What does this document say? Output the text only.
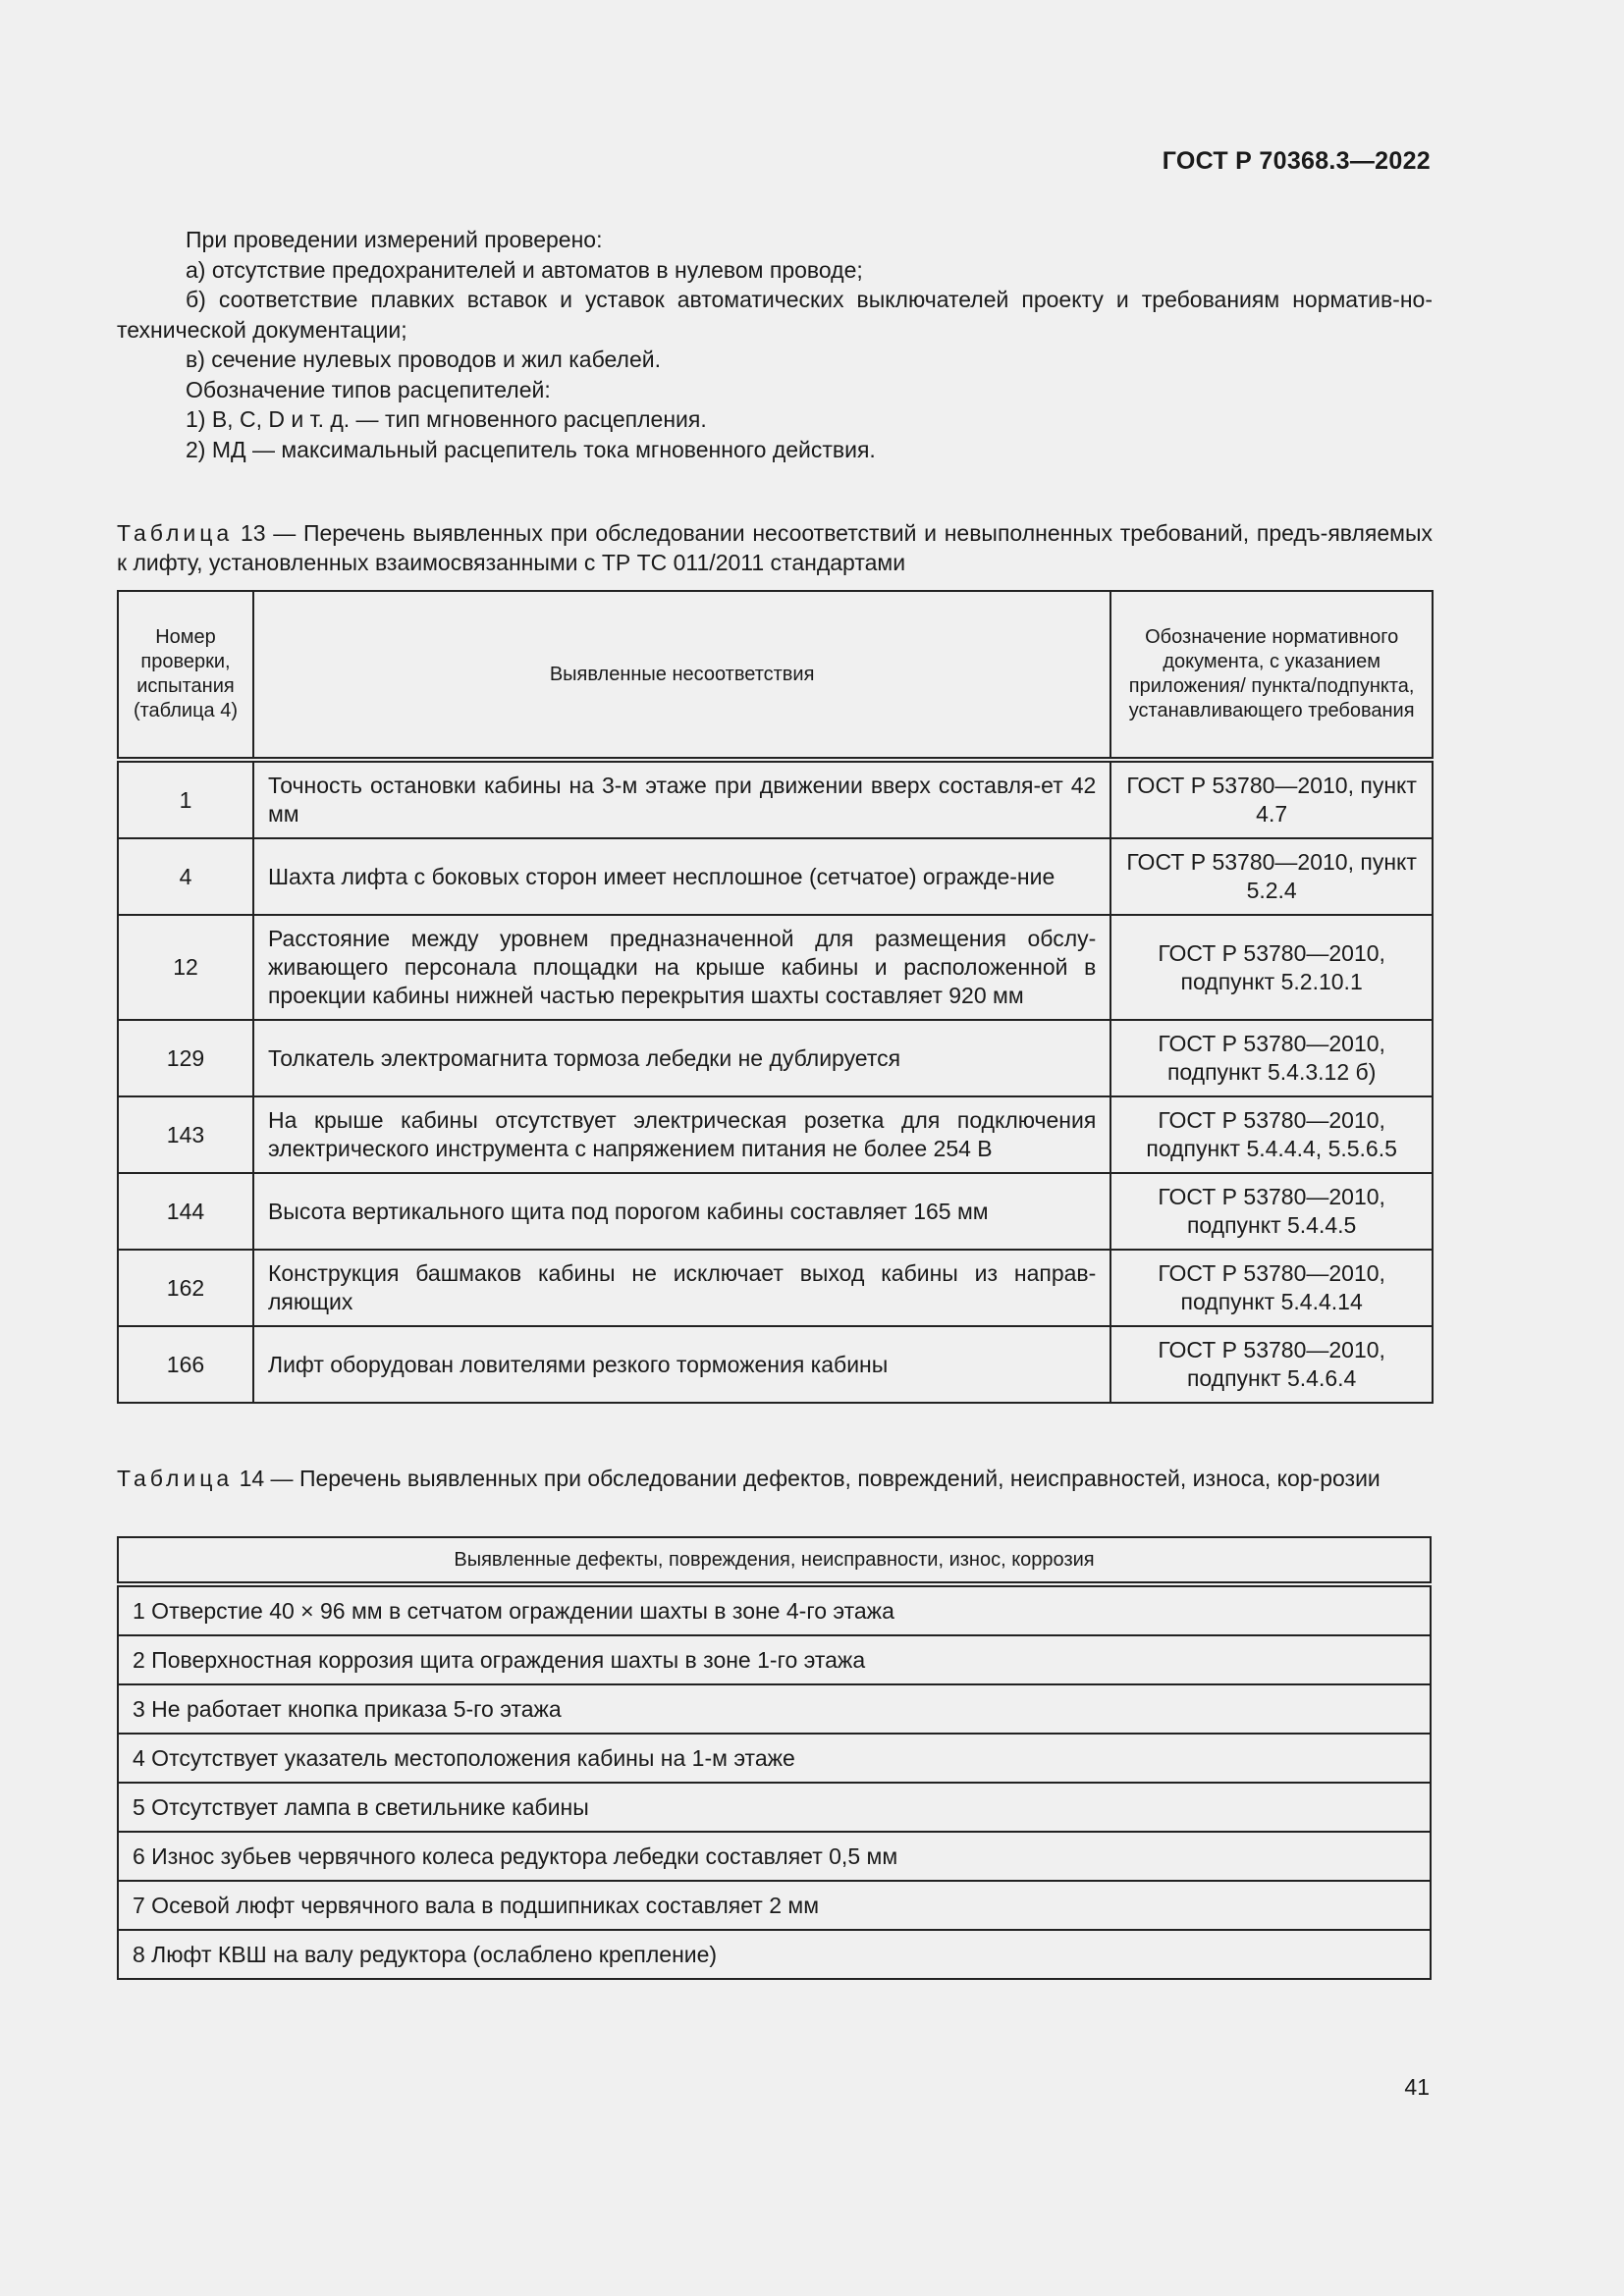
ГОСТ Р 70368.3—2022

При проведении измерений проверено:

а) отсутствие предохранителей и автоматов в нулевом проводе;

б) соответствие плавких вставок и уставок автоматических выключателей проекту и требованиям норматив-но-технической документации;

в) сечение нулевых проводов и жил кабелей.

Обозначение типов расцепителей:

1) B, C, D и т. д. — тип мгновенного расцепления.

2) МД — максимальный расцепитель тока мгновенного действия.

Таблица 13 — Перечень выявленных при обследовании несоответствий и невыполненных требований, предъ-являемых к лифту, установленных взаимосвязанными с ТР ТС 011/2011 стандартами
Номер проверки, испытания (таблица 4)	Выявленные несоответствия	Обозначение нормативного документа, с указанием приложения/ пункта/подпункта, устанавливающего требования
1	Точность остановки кабины на 3-м этаже при движении вверх составля-ет 42 мм	ГОСТ Р 53780—2010, пункт 4.7
4	Шахта лифта с боковых сторон имеет несплошное (сетчатое) огражде-ние	ГОСТ Р 53780—2010, пункт 5.2.4
12	Расстояние между уровнем предназначенной для размещения обслу-живающего персонала площадки на крыше кабины и расположенной в проекции кабины нижней частью перекрытия шахты составляет 920 мм	ГОСТ Р 53780—2010, подпункт 5.2.10.1
129	Толкатель электромагнита тормоза лебедки не дублируется	ГОСТ Р 53780—2010, подпункт 5.4.3.12 б)
143	На крыше кабины отсутствует электрическая розетка для подключения электрического инструмента с напряжением питания не более 254 В	ГОСТ Р 53780—2010, подпункт 5.4.4.4, 5.5.6.5
144	Высота вертикального щита под порогом кабины составляет 165 мм	ГОСТ Р 53780—2010, подпункт 5.4.4.5
162	Конструкция башмаков кабины не исключает выход кабины из направ-ляющих	ГОСТ Р 53780—2010, подпункт 5.4.4.14
166	Лифт оборудован ловителями резкого торможения кабины	ГОСТ Р 53780—2010, подпункт 5.4.6.4
Таблица 14 — Перечень выявленных при обследовании дефектов, повреждений, неисправностей, износа, кор-розии
Выявленные дефекты, повреждения, неисправности, износ, коррозия
1 Отверстие 40 × 96 мм в сетчатом ограждении шахты в зоне 4-го этажа
2 Поверхностная коррозия щита ограждения шахты в зоне 1-го этажа
3 Не работает кнопка приказа 5-го этажа
4 Отсутствует указатель местоположения кабины на 1-м этаже
5 Отсутствует лампа в светильнике кабины
6 Износ зубьев червячного колеса редуктора лебедки составляет 0,5 мм
7 Осевой люфт червячного вала в подшипниках составляет 2 мм
8 Люфт КВШ на валу редуктора (ослаблено крепление)
41
